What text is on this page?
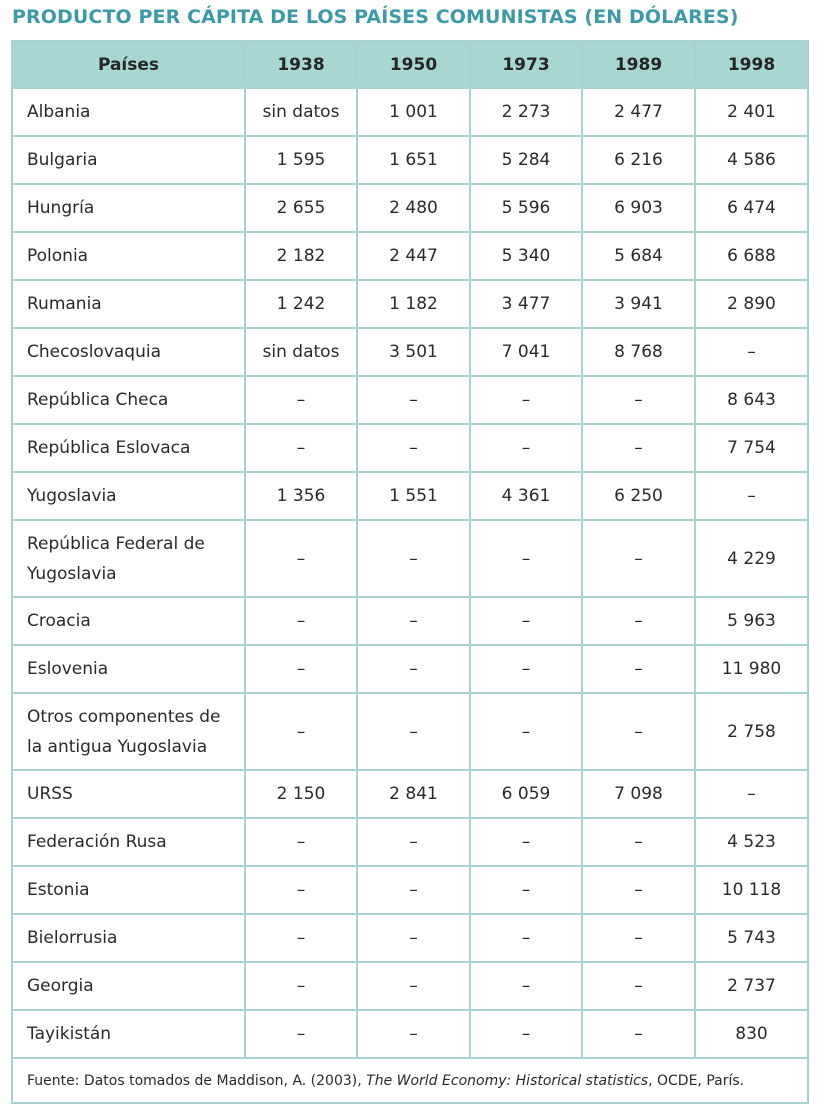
PRODUCTO PER CÁPITA DE LOS PAÍSES COMUNISTAS (EN DÓLARES)
Países	1938	1950	1973	1989	1998
Albania	sin datos	1 001	2 273	2 477	2 401
Bulgaria	1 595	1 651	5 284	6 216	4 586
Hungría	2 655	2 480	5 596	6 903	6 474
Polonia	2 182	2 447	5 340	5 684	6 688
Rumania	1 242	1 182	3 477	3 941	2 890
Checoslovaquia	sin datos	3 501	7 041	8 768	–
República Checa	–	–	–	–	8 643
República Eslovaca	–	–	–	–	7 754
Yugoslavia	1 356	1 551	4 361	6 250	–
República Federal de
Yugoslavia	–	–	–	–	4 229
Croacia	–	–	–	–	5 963
Eslovenia	–	–	–	–	11 980
Otros componentes de
la antigua Yugoslavia	–	–	–	–	2 758
URSS	2 150	2 841	6 059	7 098	–
Federación Rusa	–	–	–	–	4 523
Estonia	–	–	–	–	10 118
Bielorrusia	–	–	–	–	5 743
Georgia	–	–	–	–	2 737
Tayikistán	–	–	–	–	830
Fuente: Datos tomados de Maddison, A. (2003), The World Economy: Historical statistics, OCDE, París.					
